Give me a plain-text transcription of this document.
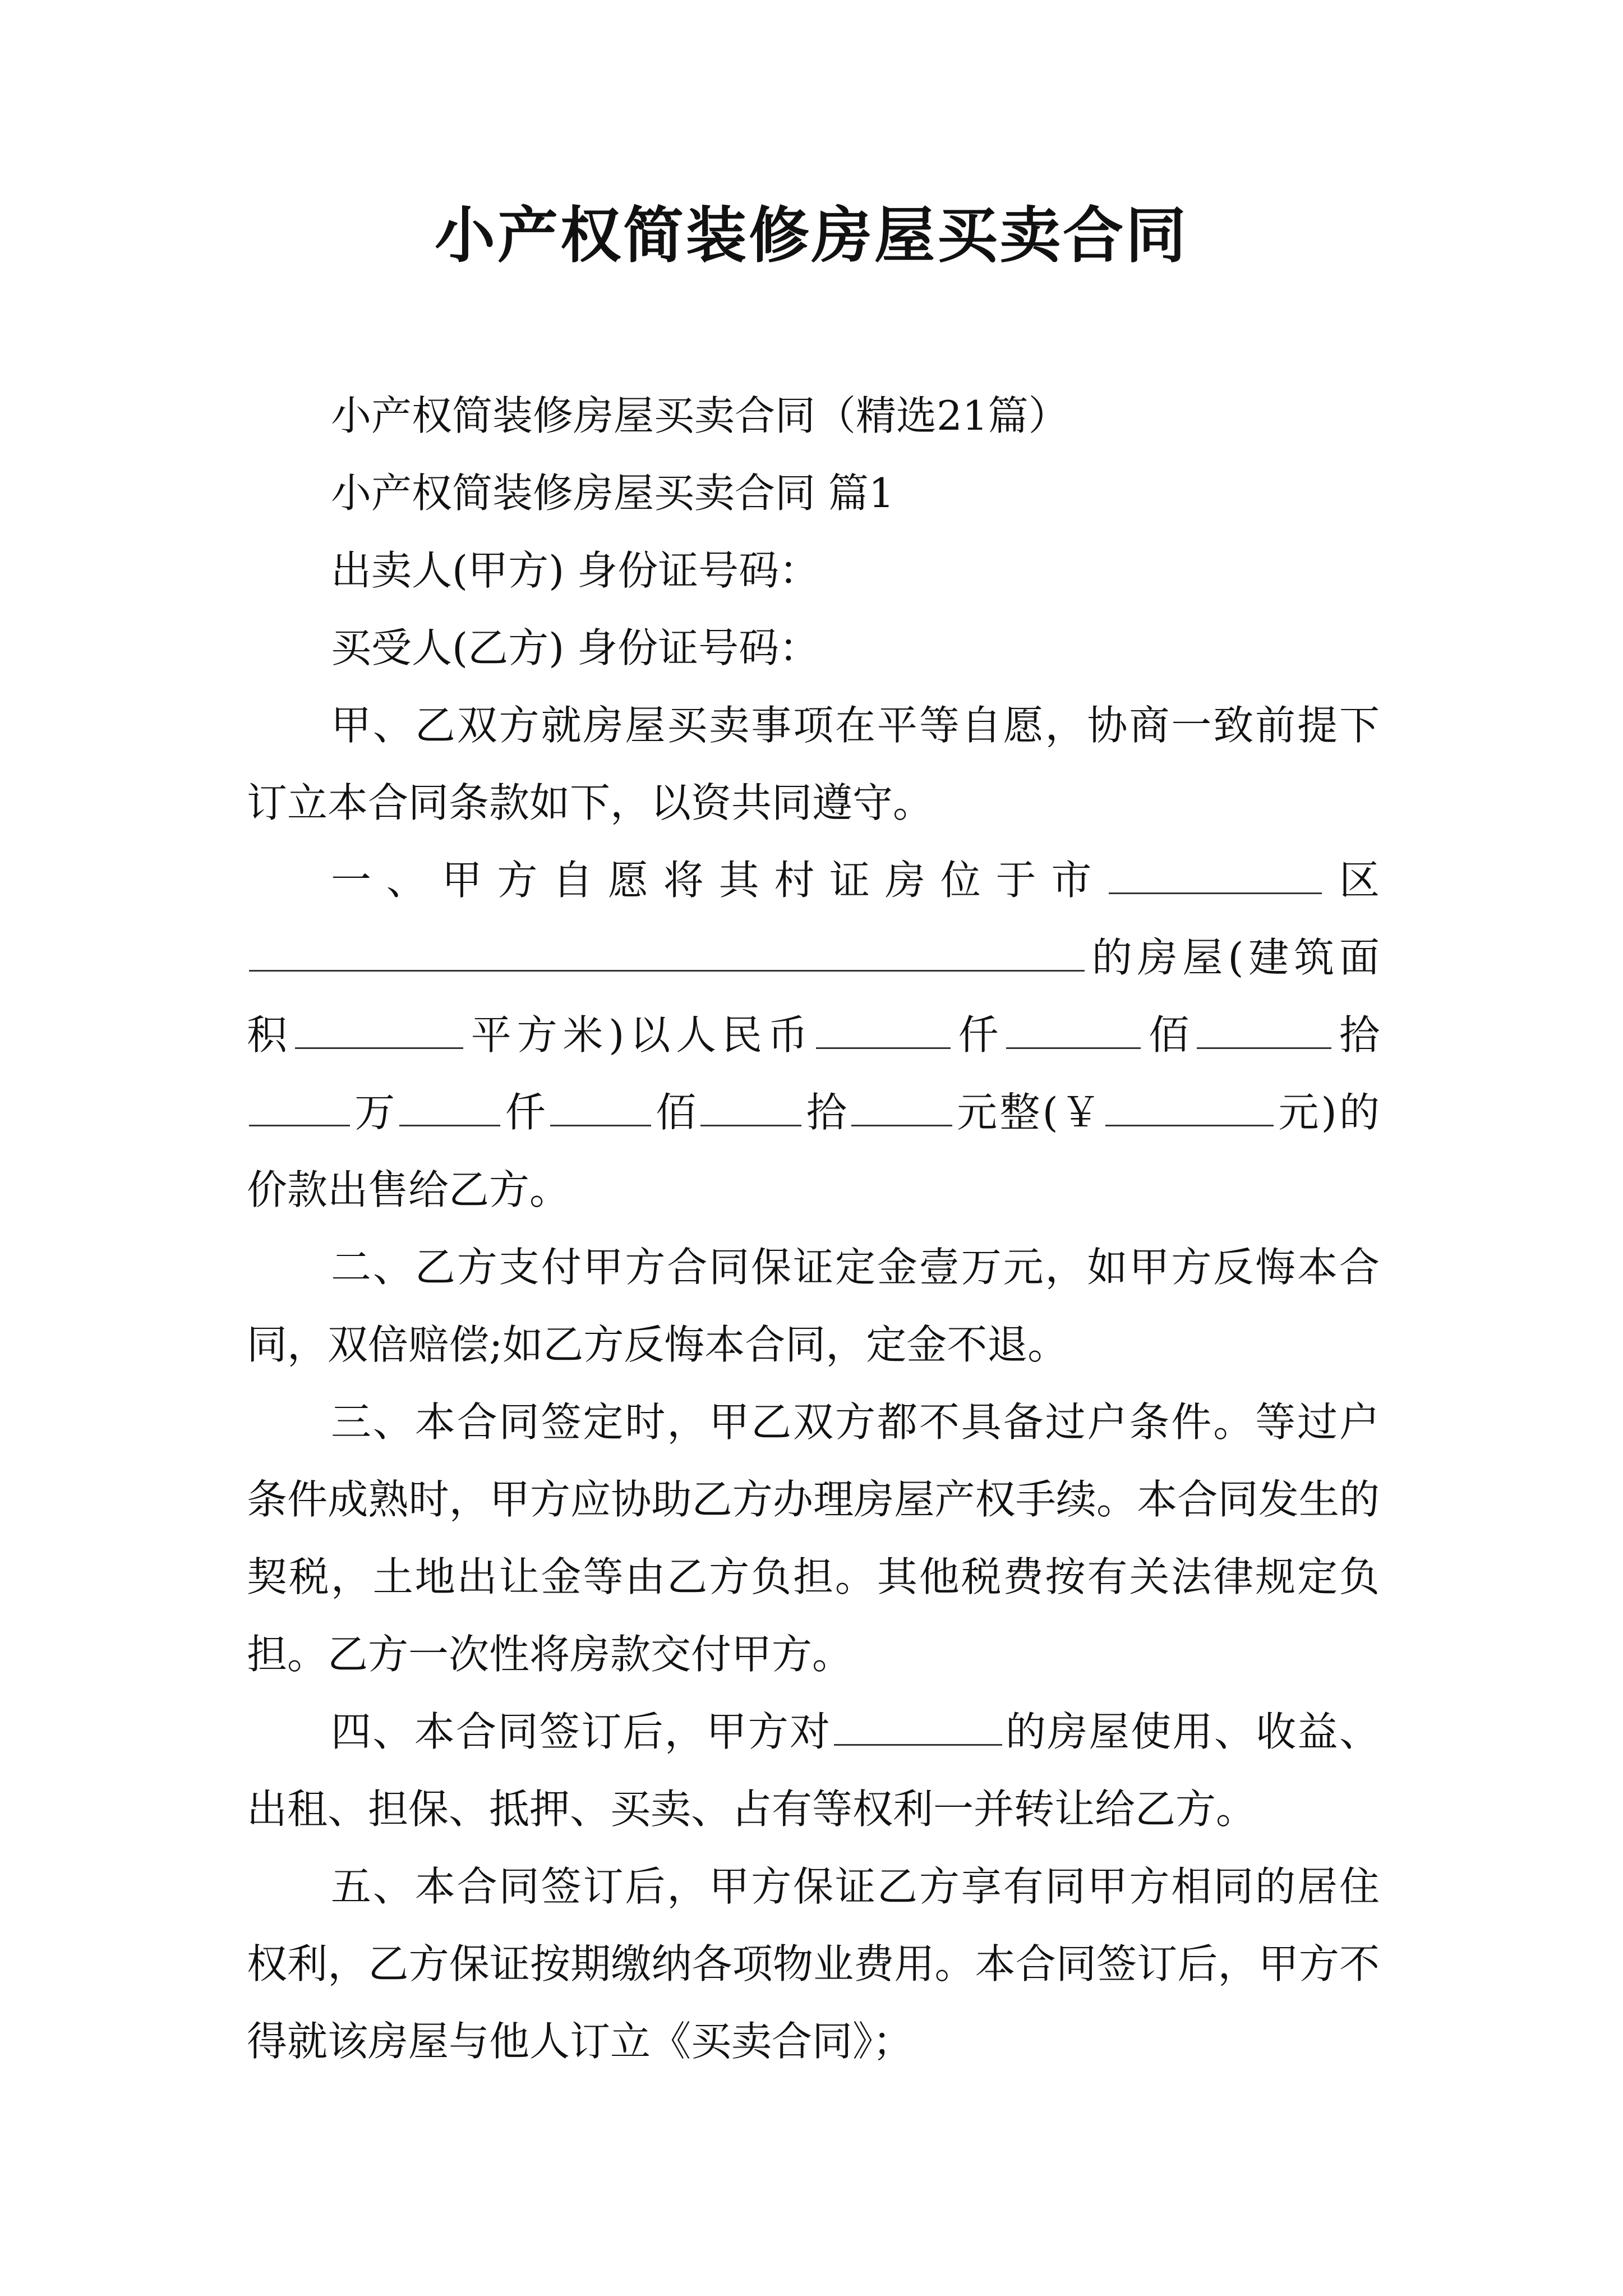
小产权简装修房屋买卖合同

小产权简装修房屋买卖合同（精选21篇）

小产权简装修房屋买卖合同 篇1

出卖人(甲方) 身份证号码：

买受人(乙方) 身份证号码：

甲、乙双方就房屋买卖事项在平等自愿，协商一致前提下订立本合同条款如下，以资共同遵守。

一、甲方自愿将其村证房位于市	区的房屋(建筑面积	平方米)以人民币	仟	佰	拾万	仟	佰	拾	元整(￥	元)的价款出售给乙方。

二、乙方支付甲方合同保证定金壹万元，如甲方反悔本合同，双倍赔偿;如乙方反悔本合同，定金不退。

三、本合同签定时，甲乙双方都不具备过户条件。等过户条件成熟时，甲方应协助乙方办理房屋产权手续。本合同发生的契税，土地出让金等由乙方负担。其他税费按有关法律规定负担。乙方一次性将房款交付甲方。

四、本合同签订后，甲方对	的房屋使用、收益、出租、担保、抵押、买卖、占有等权利一并转让给乙方。

五、本合同签订后，甲方保证乙方享有同甲方相同的居住权利，乙方保证按期缴纳各项物业费用。本合同签订后，甲方不得就该房屋与他人订立《买卖合同》；
